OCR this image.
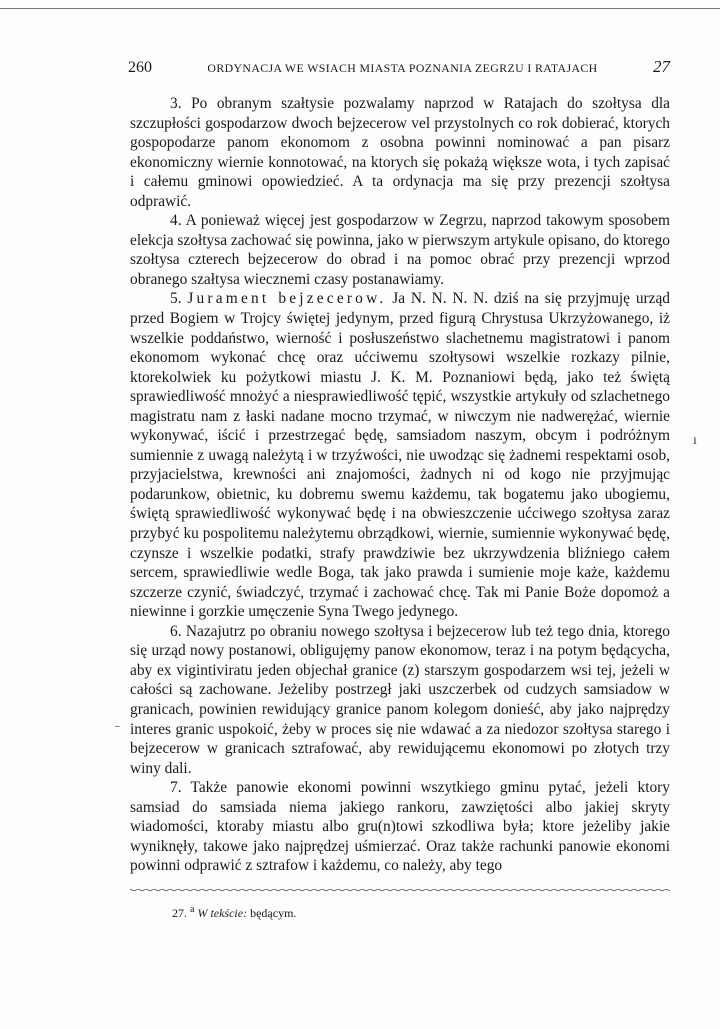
260	ORDYNACJA WE WSIACH MIASTA POZNANIA ZEGRZU I RATAJACH	27

3. Po obranym szałtysie pozwalamy naprzod w Ratajach do szołtysa dla szczupłości gospodarzow dwoch bejzecerow vel przystolnych co rok dobierać, ktorych gospopodarze panom ekonomom z osobna powinni nominować a pan pisarz ekonomiczny wiernie konnotować, na ktorych się pokażą większe wota, i tych zapisać i całemu gminowi opowiedzieć. A ta ordynacja ma się przy prezencji szołtysa odprawić.

4. A ponieważ więcej jest gospodarzow w Zegrzu, naprzod takowym sposobem elekcja szołtysa zachować się powinna, jako w pierwszym artykule opisano, do ktorego szołtysa czterech bejzecerow do obrad i na pomoc obrać przy prezencji wprzod obranego szałtysa wiecznemi czasy postanawiamy.

5. Jurament bejzecerow. Ja N. N. N. N. dziś na się przyjmuję urząd przed Bogiem w Trojcy świętej jedynym, przed figurą Chrystusa Ukrzyżowanego, iż wszelkie poddaństwo, wierność i posłuszeństwo slachetnemu magistratowi i panom ekonomom wykonać chcę oraz ućciwemu szołtysowi wszelkie rozkazy pilnie, ktorekolwiek ku pożytkowi miastu J. K. M. Poznaniowi będą, jako też świętą sprawiedliwość mnożyć a niesprawiedliwość tępić, wszystkie artykuły od szlachetnego magistratu nam z łaski nadane mocno trzymać, w niwczym nie nadwerężać, wiernie wykonywać, iścić i przestrzegać będę, samsiadom naszym, obcym i podróżnym sumiennie z uwagą należytą i w trzyźwości, nie uwodząc się żadnemi respektami osob, przyjacielstwa, krewności ani znajomości, żadnych ni od kogo nie przyjmując podarunkow, obietnic, ku dobremu swemu każdemu, tak bogatemu jako ubogiemu, świętą sprawiedliwość wykonywać będę i na obwieszczenie ućciwego szołtysa zaraz przybyć ku pospolitemu należytemu obrządkowi, wiernie, sumiennie wykonywać będę, czynsze i wszelkie podatki, strafy prawdziwie bez ukrzywdzenia bliźniego całem sercem, sprawiedliwie wedle Boga, tak jako prawda i sumienie moje każe, każdemu szczerze czynić, świadczyć, trzymać i zachować chcę. Tak mi Panie Boże dopomoż a niewinne i gorzkie umęczenie Syna Twego jedynego.

6. Nazajutrz po obraniu nowego szołtysa i bejzecerow lub też tego dnia, ktorego się urząd nowy postanowi, obligujęmy panow ekonomow, teraz i na potym będącycha, aby ex vigintiviratu jeden objechał granice (z) starszym gospodarzem wsi tej, jeżeli w całości są zachowane. Jeżeliby postrzegł jaki uszczerbek od cudzych samsiadow w granicach, powinien rewidujący granice panom kolegom donieść, aby jako najprędzy interes granic uspokoić, żeby w proces się nie wdawać a za niedozor szołtysa starego i bejzecerow w granicach sztrafować, aby rewidującemu ekonomowi po złotych trzy winy dali.

7. Także panowie ekonomi powinni wszytkiego gminu pytać, jeżeli ktory samsiad do samsiada niema jakiego rankoru, zawziętości albo jakiej skryty wiadomości, ktoraby miastu albo gru(n)towi szkodliwa była; ktore jeżeliby jakie wyniknęły, takowe jako najprędzej uśmierzać. Oraz także rachunki panowie ekonomi powinni odprawić z sztrafow i każdemu, co należy, aby tego

27. $^a$ W tekście: będącym.
ı
ˍ
